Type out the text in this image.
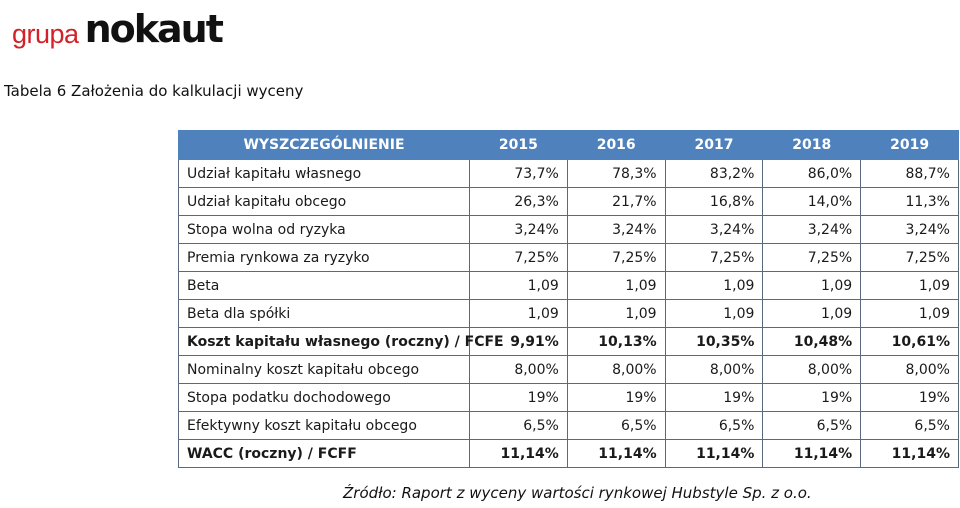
grupa nokaut
Tabela 6 Założenia do kalkulacji wyceny
WYSZCZEGÓLNIENIE	2015	2016	2017	2018	2019
Udział kapitału własnego	73,7%	78,3%	83,2%	86,0%	88,7%
Udział kapitału obcego	26,3%	21,7%	16,8%	14,0%	11,3%
Stopa wolna od ryzyka	3,24%	3,24%	3,24%	3,24%	3,24%
Premia rynkowa za ryzyko	7,25%	7,25%	7,25%	7,25%	7,25%
Beta	1,09	1,09	1,09	1,09	1,09
Beta dla spółki	1,09	1,09	1,09	1,09	1,09
Koszt kapitału własnego (roczny) / FCFE	9,91%	10,13%	10,35%	10,48%	10,61%
Nominalny koszt kapitału obcego	8,00%	8,00%	8,00%	8,00%	8,00%
Stopa podatku dochodowego	19%	19%	19%	19%	19%
Efektywny koszt kapitału obcego	6,5%	6,5%	6,5%	6,5%	6,5%
WACC (roczny) / FCFF	11,14%	11,14%	11,14%	11,14%	11,14%
Źródło: Raport z wyceny wartości rynkowej Hubstyle Sp. z o.o.
